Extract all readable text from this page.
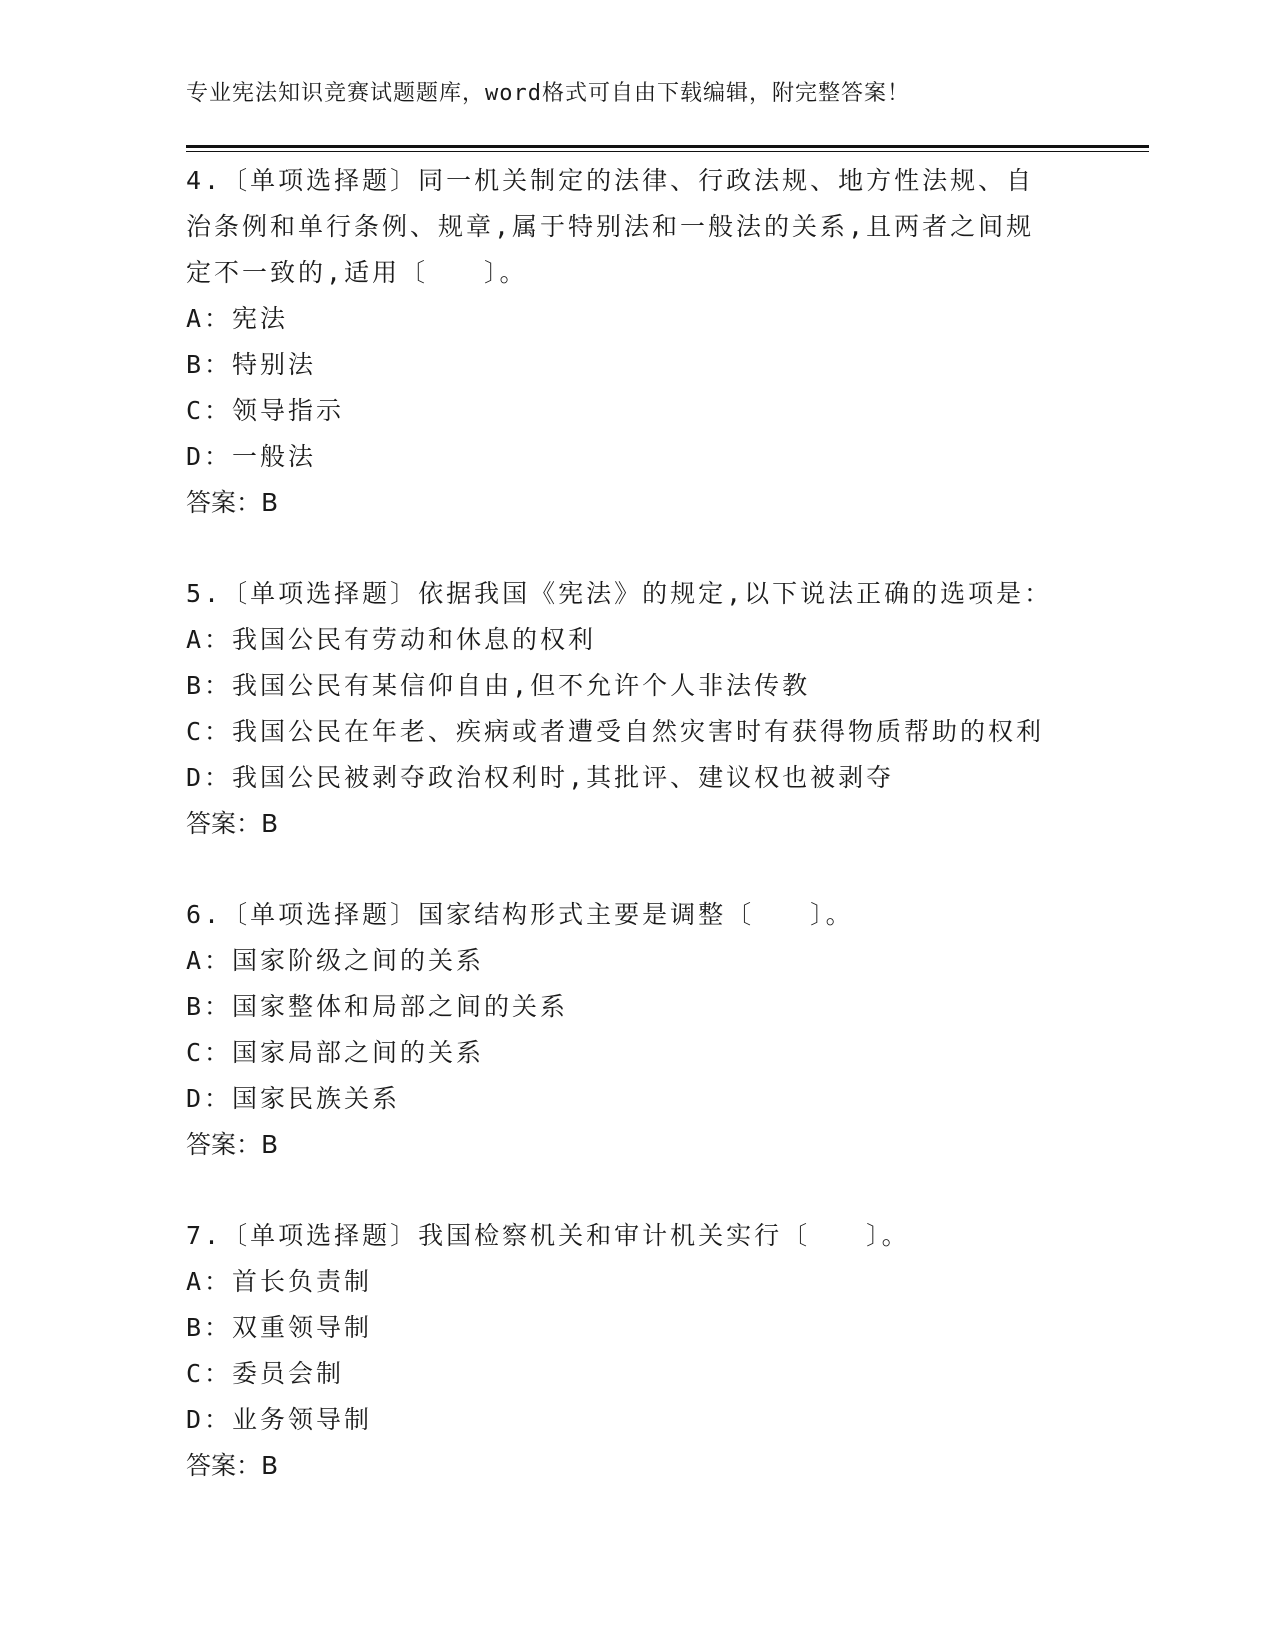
专业宪法知识竞赛试题题库，word格式可自由下载编辑，附完整答案！
4.〔单项选择题〕同一机关制定的法律、行政法规、地方性法规、自
治条例和单行条例、规章,属于特别法和一般法的关系,且两者之间规
定不一致的,适用〔　　〕。
A：宪法
B：特别法
C：领导指示
D：一般法
答案：B
5.〔单项选择题〕依据我国《宪法》的规定,以下说法正确的选项是：
A：我国公民有劳动和休息的权利
B：我国公民有某信仰自由,但不允许个人非法传教
C：我国公民在年老、疾病或者遭受自然灾害时有获得物质帮助的权利
D：我国公民被剥夺政治权利时,其批评、建议权也被剥夺
答案：B
6.〔单项选择题〕国家结构形式主要是调整〔　　〕。
A：国家阶级之间的关系
B：国家整体和局部之间的关系
C：国家局部之间的关系
D：国家民族关系
答案：B
7.〔单项选择题〕我国检察机关和审计机关实行〔　　〕。
A：首长负责制
B：双重领导制
C：委员会制
D：业务领导制
答案：B
